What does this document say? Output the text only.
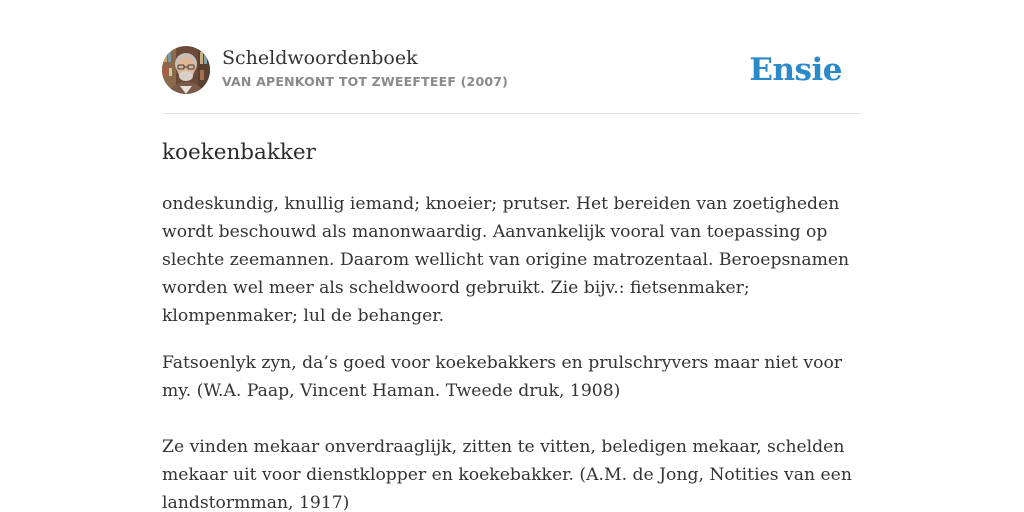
Scheldwoordenboek
VAN APENKONT TOT ZWEEFTEEF (2007)	Ensie
koekenbakker

ondeskundig, knullig iemand; knoeier; prutser. Het bereiden van zoetigheden wordt beschouwd als manonwaardig. Aanvankelijk vooral van toepassing op slechte zeemannen. Daarom wellicht van origine matrozentaal. Beroepsnamen worden wel meer als scheldwoord gebruikt. Zie bijv.: fietsenmaker; klompenmaker; lul de behanger.

Fatsoenlyk zyn, da’s goed voor koekebakkers en prulschryvers maar niet voor my. (W.A. Paap, Vincent Haman. Tweede druk, 1908)

Ze vinden mekaar onverdraaglijk, zitten te vitten, beledigen mekaar, schelden mekaar uit voor dienstklopper en koekebakker. (A.M. de Jong, Notities van een landstormman, 1917)
